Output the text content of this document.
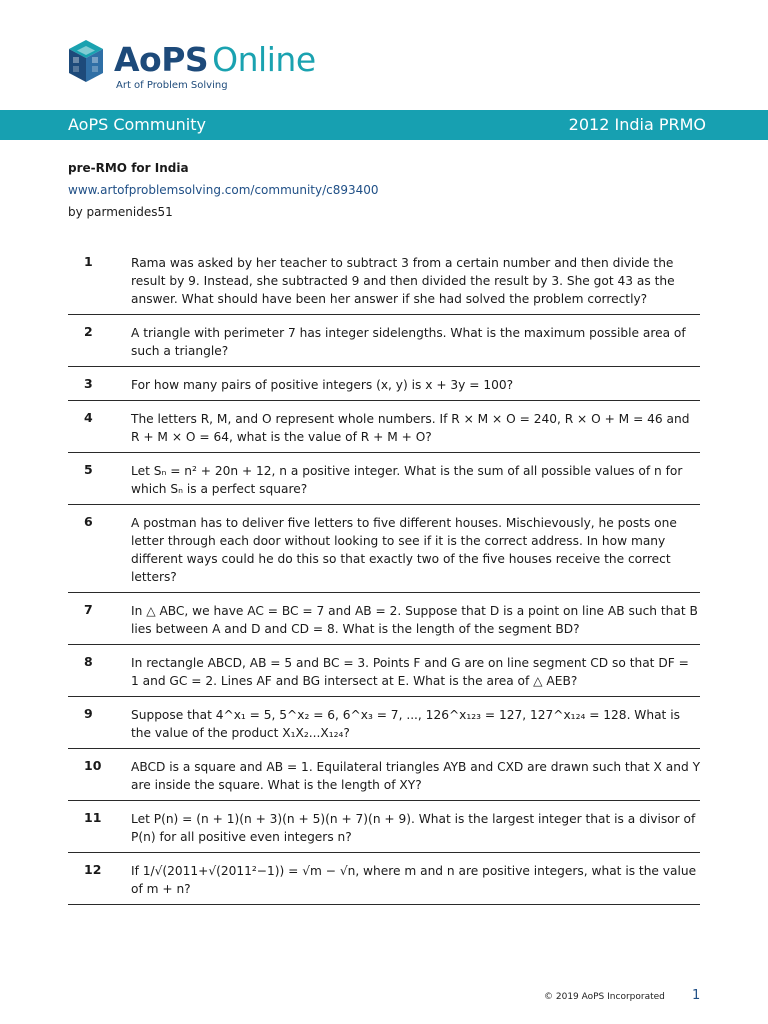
AoPS Online
Art of Problem Solving
AoPS Community	2012 India PRMO
pre-RMO for India
www.artofproblemsolving.com/community/c893400
by parmenides51
1	Rama was asked by her teacher to subtract 3 from a certain number and then divide the result by 9. Instead, she subtracted 9 and then divided the result by 3. She got 43 as the answer. What should have been her answer if she had solved the problem correctly?
2	A triangle with perimeter 7 has integer sidelengths. What is the maximum possible area of such a triangle?
3	For how many pairs of positive integers (x, y) is x + 3y = 100?
4	The letters R, M, and O represent whole numbers. If R × M × O = 240, R × O + M = 46 and R + M × O = 64, what is the value of R + M + O?
5	Let Sₙ = n² + 20n + 12, n a positive integer. What is the sum of all possible values of n for which Sₙ is a perfect square?
6	A postman has to deliver five letters to five different houses. Mischievously, he posts one letter through each door without looking to see if it is the correct address. In how many different ways could he do this so that exactly two of the five houses receive the correct letters?
7	In △ ABC, we have AC = BC = 7 and AB = 2. Suppose that D is a point on line AB such that B lies between A and D and CD = 8. What is the length of the segment BD?
8	In rectangle ABCD, AB = 5 and BC = 3. Points F and G are on line segment CD so that DF = 1 and GC = 2. Lines AF and BG intersect at E. What is the area of △ AEB?
9	Suppose that 4^x₁ = 5, 5^x₂ = 6, 6^x₃ = 7, ..., 126^x₁₂₃ = 127, 127^x₁₂₄ = 128. What is the value of the product X₁X₂...X₁₂₄?
10	ABCD is a square and AB = 1. Equilateral triangles AYB and CXD are drawn such that X and Y are inside the square. What is the length of XY?
11	Let P(n) = (n + 1)(n + 3)(n + 5)(n + 7)(n + 9). What is the largest integer that is a divisor of P(n) for all positive even integers n?
12	If 1/√(2011+√(2011²−1)) = √m − √n, where m and n are positive integers, what is the value of m + n?
© 2019 AoPS Incorporated 1
